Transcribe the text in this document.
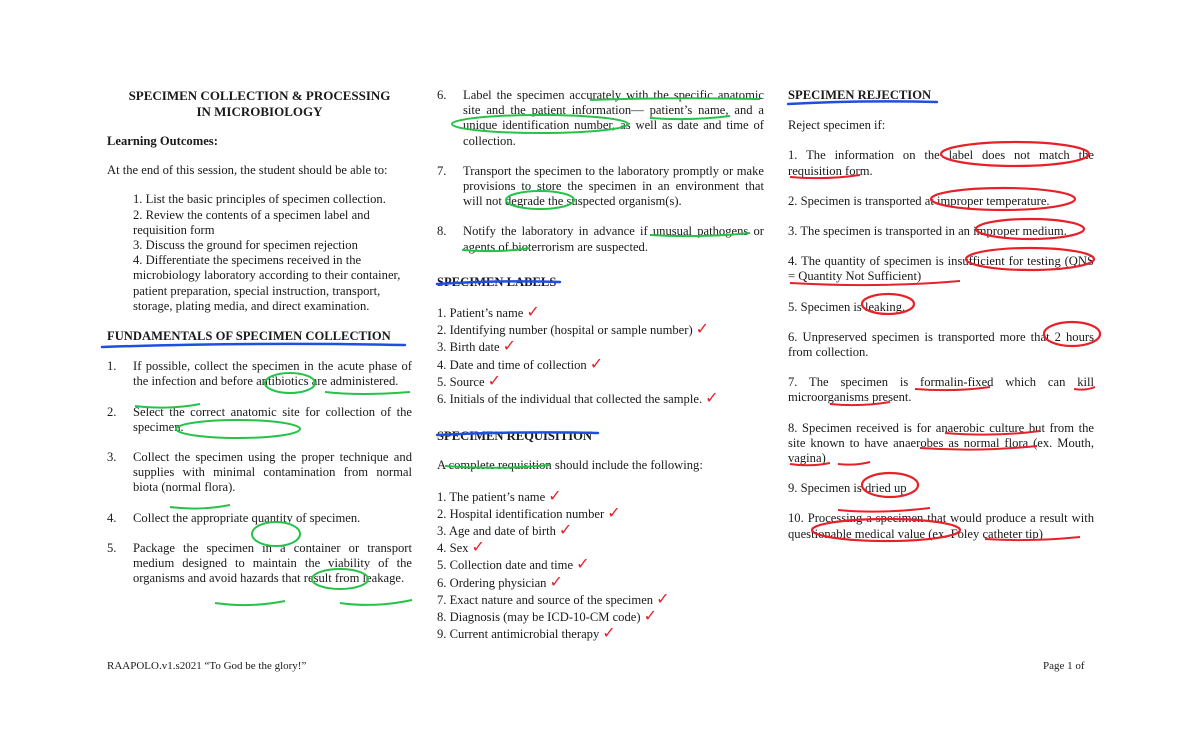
SPECIMEN COLLECTION & PROCESSING
IN MICROBIOLOGY

Learning Outcomes:

At the end of this session, the student should be able to:

1. List the basic principles of specimen collection.

2. Review the contents of a specimen label and requisition form

3. Discuss the ground for specimen rejection

4. Differentiate the specimens received in the microbiology laboratory according to their container, patient preparation, special instruction, transport, storage, plating media, and direct examination.

FUNDAMENTALS OF SPECIMEN COLLECTION

1. If possible, collect the specimen in the acute phase of the infection and before antibiotics are administered.
2. Select the correct anatomic site for collection of the specimen.
3. Collect the specimen using the proper technique and supplies with minimal contamination from normal biota (normal flora).
4. Collect the appropriate quantity of specimen.
5. Package the specimen in a container or transport medium designed to maintain the viability of the organisms and avoid hazards that result from leakage.
6. Label the specimen accurately with the specific anatomic site and the patient information— patient’s name, and a unique identification number, as well as date and time of collection.
7. Transport the specimen to the laboratory promptly or make provisions to store the specimen in an environment that will not degrade the suspected organism(s).
8. Notify the laboratory in advance if unusual pathogens or agents of bioterrorism are suspected.

SPECIMEN LABELS

1. Patient’s name ✓
2. Identifying number (hospital or sample number) ✓
3. Birth date ✓
4. Date and time of collection ✓
5. Source ✓
6. Initials of the individual that collected the sample. ✓

SPECIMEN REQUISITION

A complete requisition should include the following:

1. The patient’s name ✓
2. Hospital identification number ✓
3. Age and date of birth ✓
4. Sex ✓
5. Collection date and time ✓
6. Ordering physician ✓
7. Exact nature and source of the specimen ✓
8. Diagnosis (may be ICD-10-CM code) ✓
9. Current antimicrobial therapy ✓

SPECIMEN REJECTION

Reject specimen if:

1. The information on the label does not match the requisition form.

2. Specimen is transported at improper temperature.

3. The specimen is transported in an improper medium.

4. The quantity of specimen is insufficient for testing (QNS = Quantity Not Sufficient)

5. Specimen is leaking.

6. Unpreserved specimen is transported more that 2 hours from collection.

7. The specimen is formalin-fixed which can kill microorganisms present.

8. Specimen received is for anaerobic culture but from the site known to have anaerobes as normal flora (ex. Mouth, vagina)

9. Specimen is dried up

10. Processing a specimen that would produce a result with questionable medical value (ex. Foley catheter tip)

RAAPOLO.v1.s2021 “To God be the glory!”	Page 1 of
